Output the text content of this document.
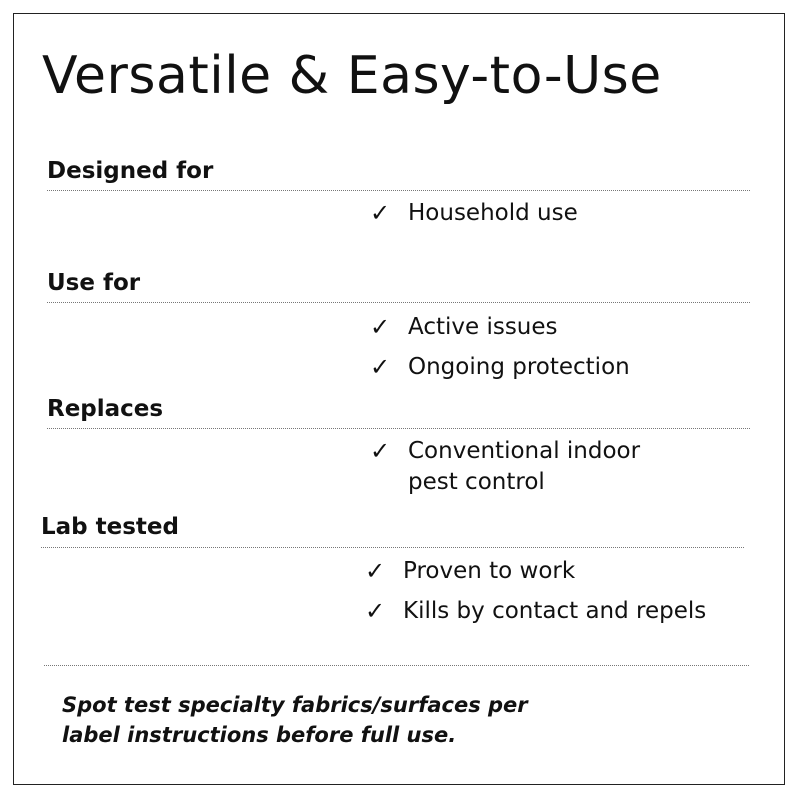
Versatile & Easy-to-Use
Designed for
✓ Household use
Use for
✓ Active issues
✓ Ongoing protection
Replaces
✓ Conventional indoor
pest control
Lab tested
✓ Proven to work
✓ Kills by contact and repels
Spot test specialty fabrics/surfaces per
label instructions before full use.
